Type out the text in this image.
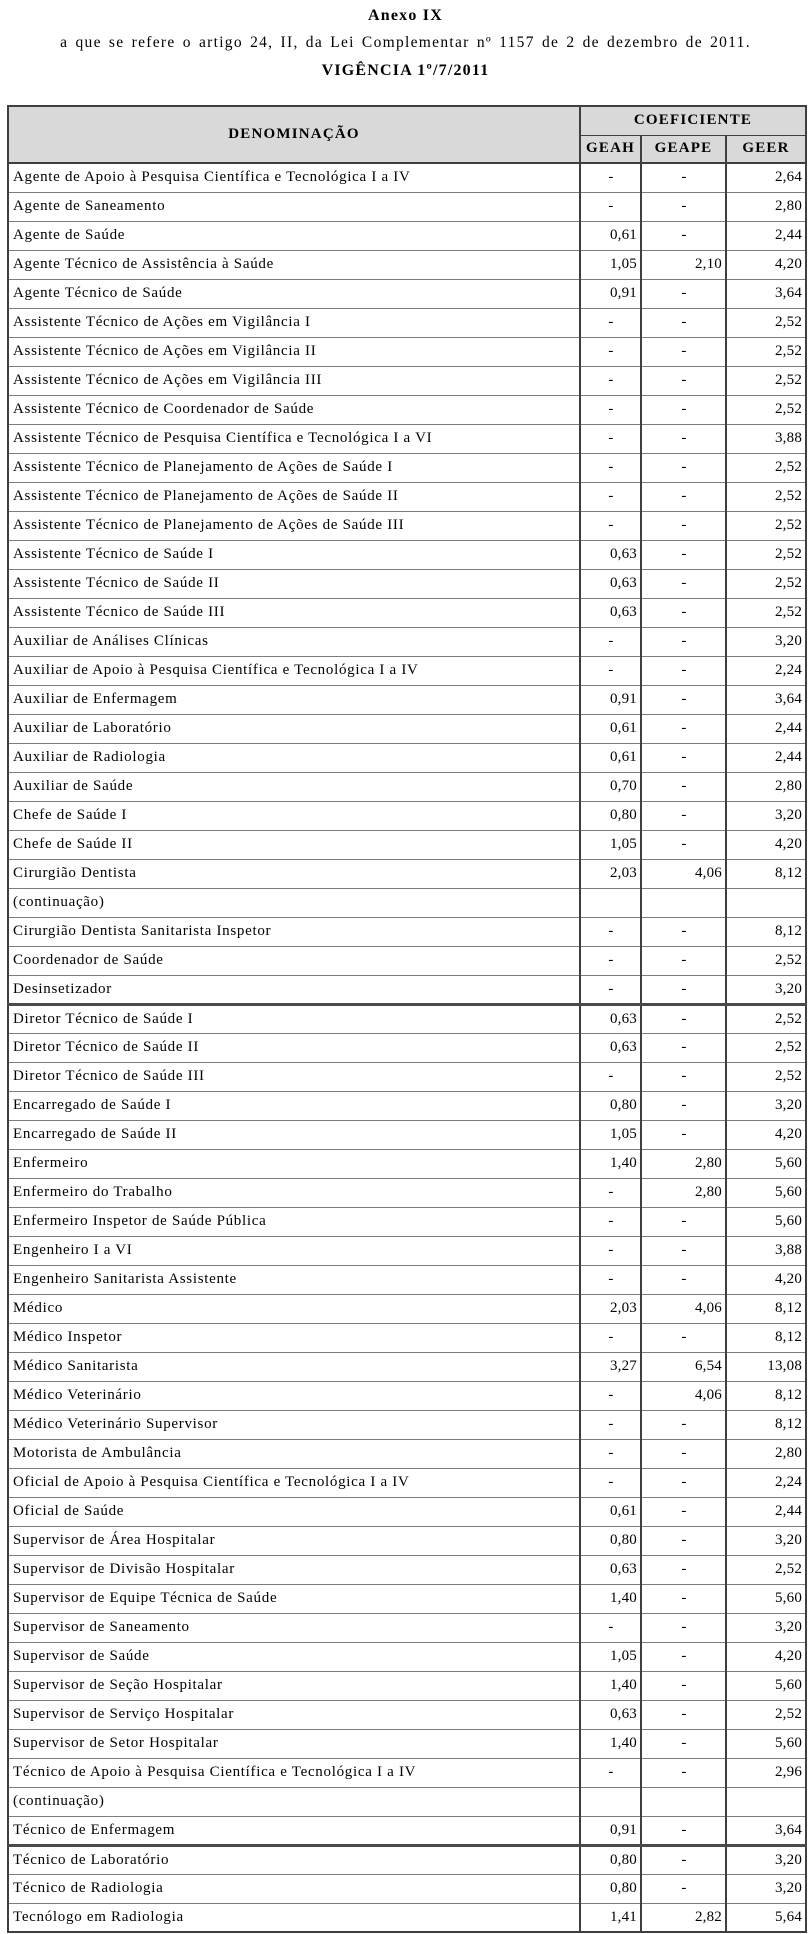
Anexo IX
a que se refere o artigo 24, II, da Lei Complementar nº 1157 de 2 de dezembro de 2011.
VIGÊNCIA 1º/7/2011
DENOMINAÇÃO	COEFICIENTE		
	GEAH	GEAPE	GEER
Agente de Apoio à Pesquisa Científica e Tecnológica I a IV	-	-	2,64
Agente de Saneamento	-	-	2,80
Agente de Saúde	0,61	-	2,44
Agente Técnico de Assistência à Saúde	1,05	2,10	4,20
Agente Técnico de Saúde	0,91	-	3,64
Assistente Técnico de Ações em Vigilância I	-	-	2,52
Assistente Técnico de Ações em Vigilância II	-	-	2,52
Assistente Técnico de Ações em Vigilância III	-	-	2,52
Assistente Técnico de Coordenador de Saúde	-	-	2,52
Assistente Técnico de Pesquisa Científica e Tecnológica I a VI	-	-	3,88
Assistente Técnico de Planejamento de Ações de Saúde I	-	-	2,52
Assistente Técnico de Planejamento de Ações de Saúde II	-	-	2,52
Assistente Técnico de Planejamento de Ações de Saúde III	-	-	2,52
Assistente Técnico de Saúde I	0,63	-	2,52
Assistente Técnico de Saúde II	0,63	-	2,52
Assistente Técnico de Saúde III	0,63	-	2,52
Auxiliar de Análises Clínicas	-	-	3,20
Auxiliar de Apoio à Pesquisa Científica e Tecnológica I a IV	-	-	2,24
Auxiliar de Enfermagem	0,91	-	3,64
Auxiliar de Laboratório	0,61	-	2,44
Auxiliar de Radiologia	0,61	-	2,44
Auxiliar de Saúde	0,70	-	2,80
Chefe de Saúde I	0,80	-	3,20
Chefe de Saúde II	1,05	-	4,20
Cirurgião Dentista	2,03	4,06	8,12
(continuação)			
Cirurgião Dentista Sanitarista Inspetor	-	-	8,12
Coordenador de Saúde	-	-	2,52
Desinsetizador	-	-	3,20
Diretor Técnico de Saúde I	0,63	-	2,52
Diretor Técnico de Saúde II	0,63	-	2,52
Diretor Técnico de Saúde III	-	-	2,52
Encarregado de Saúde I	0,80	-	3,20
Encarregado de Saúde II	1,05	-	4,20
Enfermeiro	1,40	2,80	5,60
Enfermeiro do Trabalho	-	2,80	5,60
Enfermeiro Inspetor de Saúde Pública	-	-	5,60
Engenheiro I a VI	-	-	3,88
Engenheiro Sanitarista Assistente	-	-	4,20
Médico	2,03	4,06	8,12
Médico Inspetor	-	-	8,12
Médico Sanitarista	3,27	6,54	13,08
Médico Veterinário	-	4,06	8,12
Médico Veterinário Supervisor	-	-	8,12
Motorista de Ambulância	-	-	2,80
Oficial de Apoio à Pesquisa Científica e Tecnológica I a IV	-	-	2,24
Oficial de Saúde	0,61	-	2,44
Supervisor de Área Hospitalar	0,80	-	3,20
Supervisor de Divisão Hospitalar	0,63	-	2,52
Supervisor de Equipe Técnica de Saúde	1,40	-	5,60
Supervisor de Saneamento	-	-	3,20
Supervisor de Saúde	1,05	-	4,20
Supervisor de Seção Hospitalar	1,40	-	5,60
Supervisor de Serviço Hospitalar	0,63	-	2,52
Supervisor de Setor Hospitalar	1,40	-	5,60
Técnico de Apoio à Pesquisa Científica e Tecnológica I a IV	-	-	2,96
(continuação)			
Técnico de Enfermagem	0,91	-	3,64
Técnico de Laboratório	0,80	-	3,20
Técnico de Radiologia	0,80	-	3,20
Tecnólogo em Radiologia	1,41	2,82	5,64
